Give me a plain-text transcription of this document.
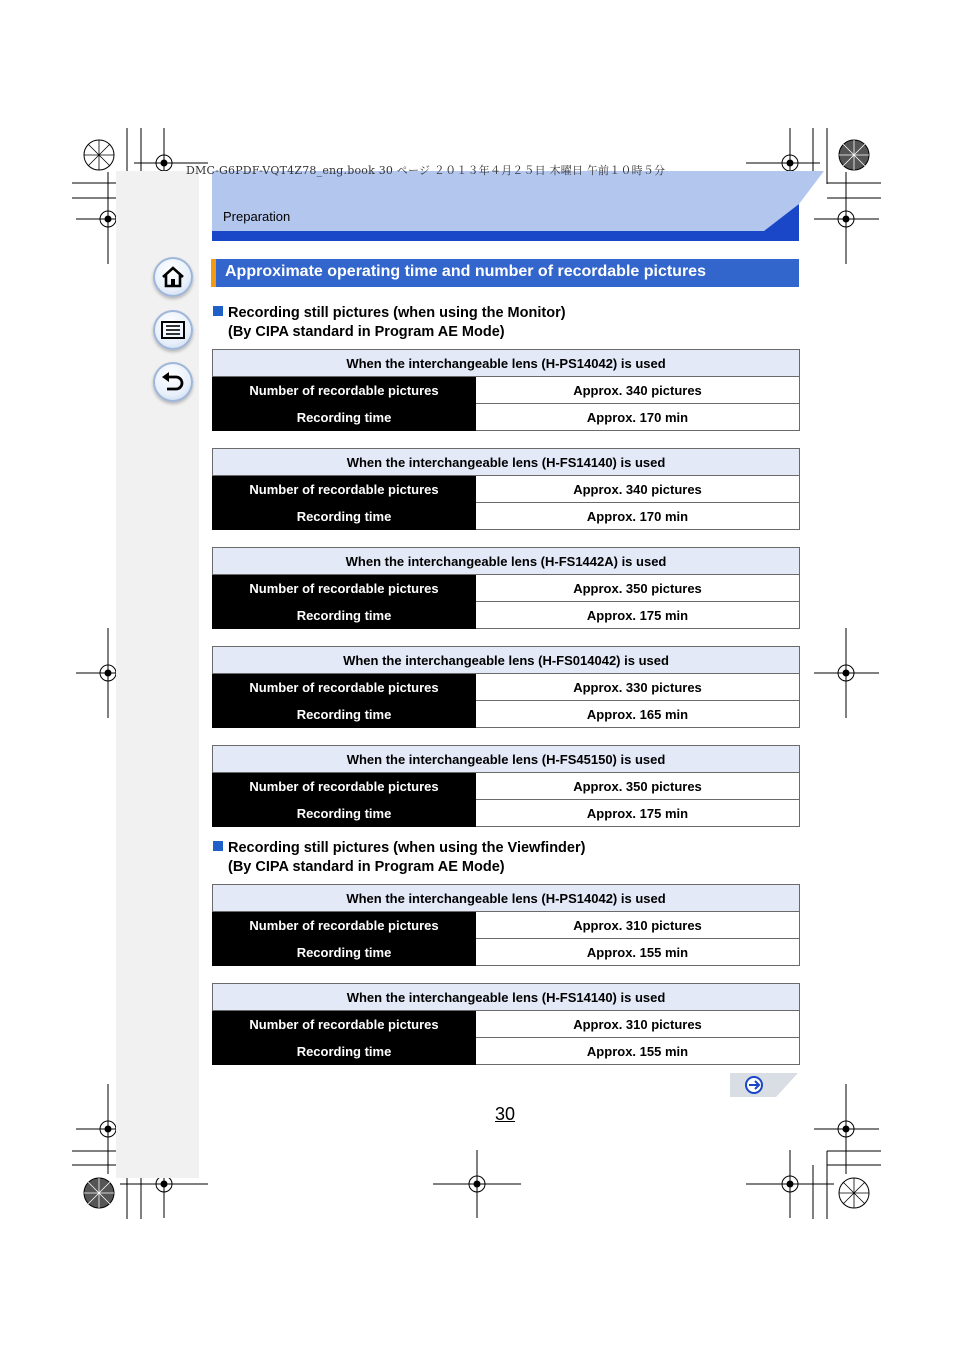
DMC-G6PDF-VQT4Z78_eng.book 30 ページ ２０１３年４月２５日 木曜日 午前１０時５分
Preparation
Approximate operating time and number of recordable pictures
Recording still pictures (when using the Monitor)
(By CIPA standard in Program AE Mode)
When the interchangeable lens (H-PS14042) is used	
Number of recordable pictures	Approx. 340 pictures
Recording time	Approx. 170 min
When the interchangeable lens (H-FS14140) is used	
Number of recordable pictures	Approx. 340 pictures
Recording time	Approx. 170 min
When the interchangeable lens (H-FS1442A) is used	
Number of recordable pictures	Approx. 350 pictures
Recording time	Approx. 175 min
When the interchangeable lens (H-FS014042) is used	
Number of recordable pictures	Approx. 330 pictures
Recording time	Approx. 165 min
When the interchangeable lens (H-FS45150) is used	
Number of recordable pictures	Approx. 350 pictures
Recording time	Approx. 175 min
Recording still pictures (when using the Viewfinder)
(By CIPA standard in Program AE Mode)
When the interchangeable lens (H-PS14042) is used	
Number of recordable pictures	Approx. 310 pictures
Recording time	Approx. 155 min
When the interchangeable lens (H-FS14140) is used	
Number of recordable pictures	Approx. 310 pictures
Recording time	Approx. 155 min
30
